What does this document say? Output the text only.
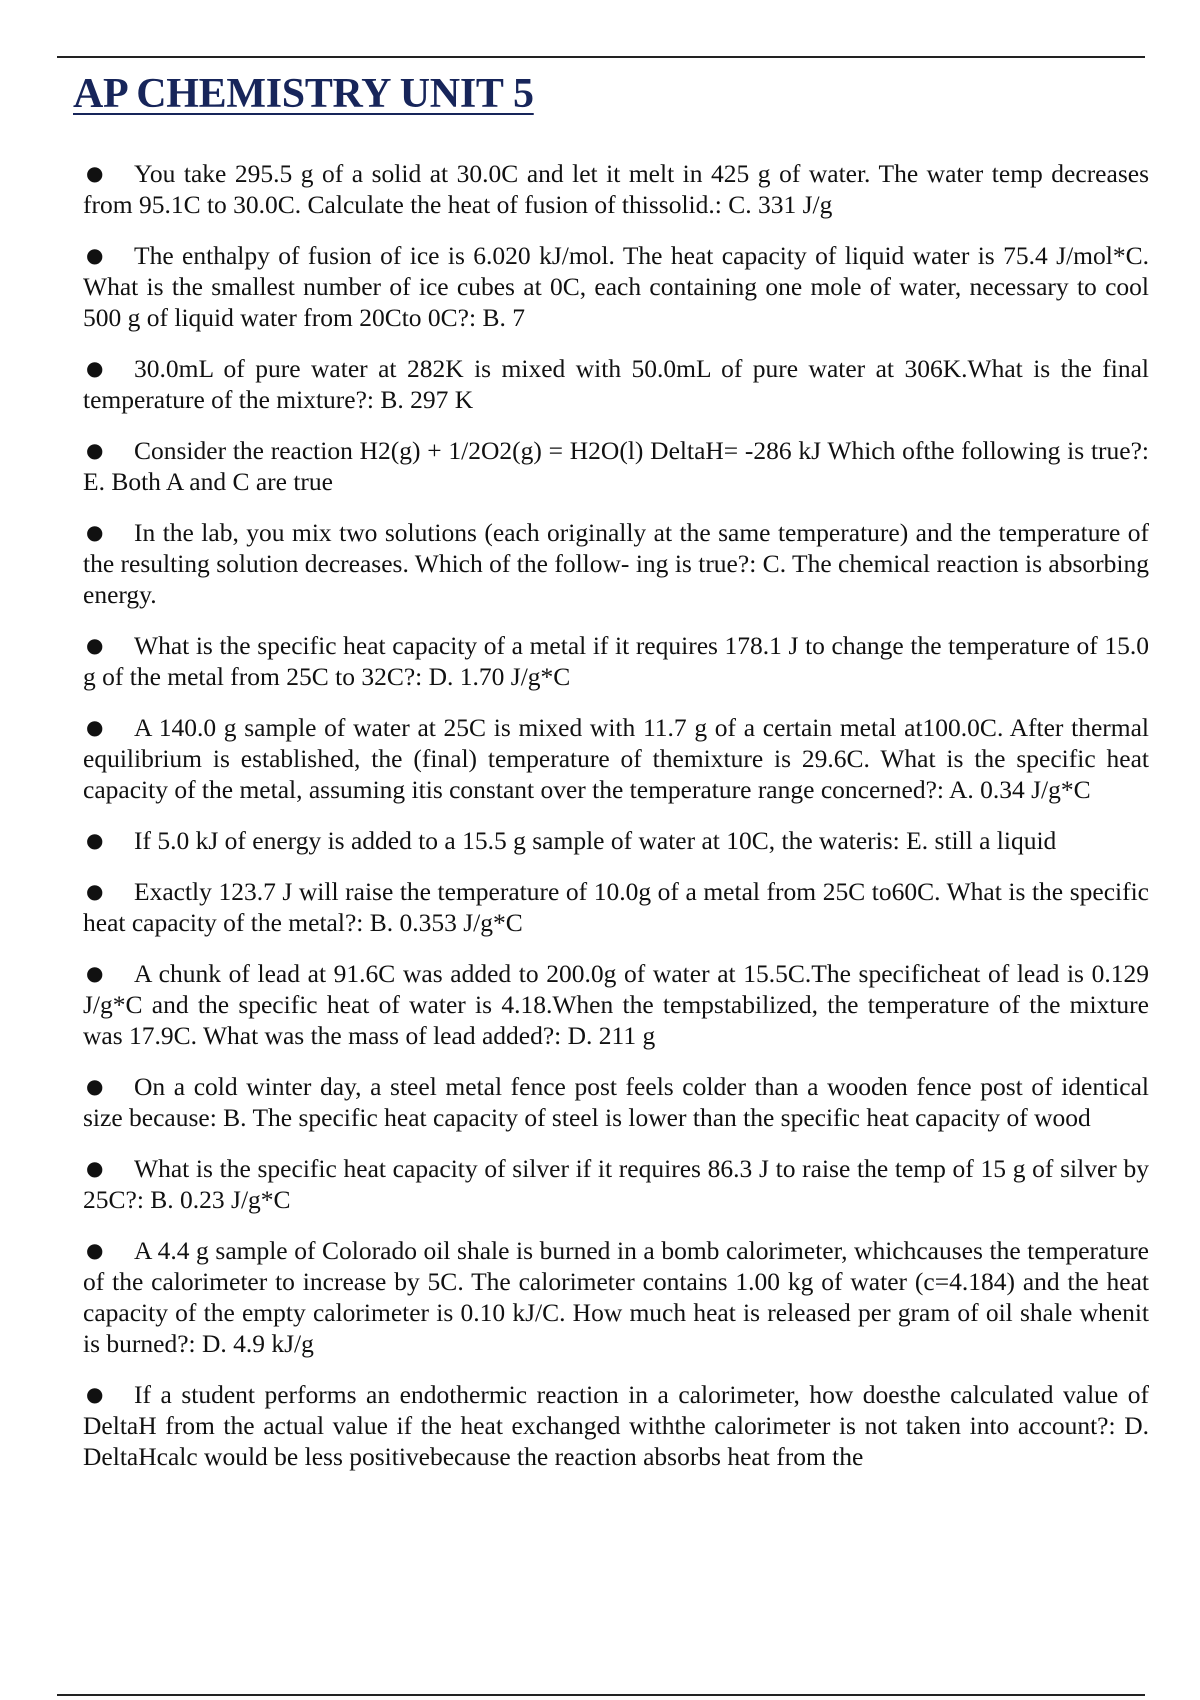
AP CHEMISTRY UNIT 5
● You take 295.5 g of a solid at 30.0C and let it melt in 425 g of water. The water temp decreases from 95.1C to 30.0C. Calculate the heat of fusion of thissolid.: C. 331 J/g
● The enthalpy of fusion of ice is 6.020 kJ/mol. The heat capacity of liquid water is 75.4 J/mol*C. What is the smallest number of ice cubes at 0C, each containing one mole of water, necessary to cool 500 g of liquid water from 20Cto 0C?: B. 7
● 30.0mL of pure water at 282K is mixed with 50.0mL of pure water at 306K.What is the final temperature of the mixture?: B. 297 K
● Consider the reaction H2(g) + 1/2O2(g) = H2O(l) DeltaH= -286 kJ Which ofthe following is true?: E. Both A and C are true
● In the lab, you mix two solutions (each originally at the same temperature) and the temperature of the resulting solution decreases. Which of the follow- ing is true?: C. The chemical reaction is absorbing energy.
● What is the specific heat capacity of a metal if it requires 178.1 J to change the temperature of 15.0 g of the metal from 25C to 32C?: D. 1.70 J/g*C
● A 140.0 g sample of water at 25C is mixed with 11.7 g of a certain metal at100.0C. After thermal equilibrium is established, the (final) temperature of themixture is 29.6C. What is the specific heat capacity of the metal, assuming itis constant over the temperature range concerned?: A. 0.34 J/g*C
● If 5.0 kJ of energy is added to a 15.5 g sample of water at 10C, the wateris: E. still a liquid
● Exactly 123.7 J will raise the temperature of 10.0g of a metal from 25C to60C. What is the specific heat capacity of the metal?: B. 0.353 J/g*C
● A chunk of lead at 91.6C was added to 200.0g of water at 15.5C.The specificheat of lead is 0.129 J/g*C and the specific heat of water is 4.18.When the tempstabilized, the temperature of the mixture was 17.9C. What was the mass of lead added?: D. 211 g
● On a cold winter day, a steel metal fence post feels colder than a wooden fence post of identical size because: B. The specific heat capacity of steel is lower than the specific heat capacity of wood
● What is the specific heat capacity of silver if it requires 86.3 J to raise the temp of 15 g of silver by 25C?: B. 0.23 J/g*C
● A 4.4 g sample of Colorado oil shale is burned in a bomb calorimeter, whichcauses the temperature of the calorimeter to increase by 5C. The calorimeter contains 1.00 kg of water (c=4.184) and the heat capacity of the empty calorimeter is 0.10 kJ/C. How much heat is released per gram of oil shale whenit is burned?: D. 4.9 kJ/g
● If a student performs an endothermic reaction in a calorimeter, how doesthe calculated value of DeltaH from the actual value if the heat exchanged withthe calorimeter is not taken into account?: D. DeltaHcalc would be less positivebecause the reaction absorbs heat from the
